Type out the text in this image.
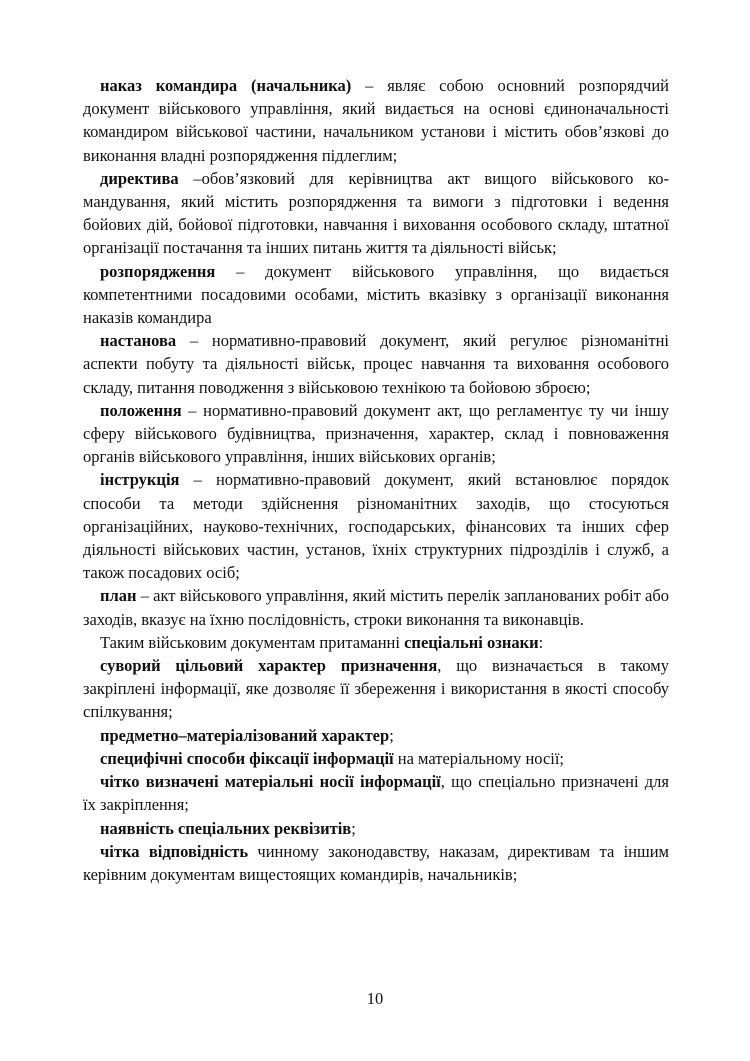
наказ командира (начальника) – являє собою основний розпорядчий документ військового управління, який видається на основі єдиноначальності командиром військової частини, начальником установи і містить обов’язкові до виконання владні розпорядження підлеглим;

директива –обов’язковий для керівництва акт вищого військового командування, який містить розпорядження та вимоги з підготовки і ведення бойових дій, бойової підготовки, навчання і виховання особового складу, штатної організації постачання та інших питань життя та діяльності військ;

розпорядження – документ військового управління, що видається компетентними посадовими особами, містить вказівку з організації виконання наказів командира

настанова – нормативно-правовий документ, який регулює різноманітні аспекти побуту та діяльності військ, процес навчання та виховання особового складу, питання поводження з військовою технікою та бойовою зброєю;

положення – нормативно-правовий документ акт, що регламентує ту чи іншу сферу військового будівництва, призначення, характер, склад і повноваження органів військового управління, інших військових органів;

інструкція – нормативно-правовий документ, який встановлює порядок способи та методи здійснення різноманітних заходів, що стосуються організаційних, науково-технічних, господарських, фінансових та інших сфер діяльності військових частин, установ, їхніх структурних підрозділів і служб, а також посадових осіб;

план – акт військового управління, який містить перелік запланованих робіт або заходів, вказує на їхню послідовність, строки виконання та виконавців.

Таким військовим документам притаманні спеціальні ознаки:

суворий цільовий характер призначення, що визначається в такому закріплені інформації, яке дозволяє її збереження і використання в якості способу спілкування;

предметно–матеріалізований характер;

специфічні способи фіксації інформації на матеріальному носії;

чітко визначені матеріальні носії інформації, що спеціально призначені для їх закріплення;

наявність спеціальних реквізитів;

чітка відповідність чинному законодавству, наказам, директивам та іншим керівним документам вищестоящих командирів, начальників;

10
